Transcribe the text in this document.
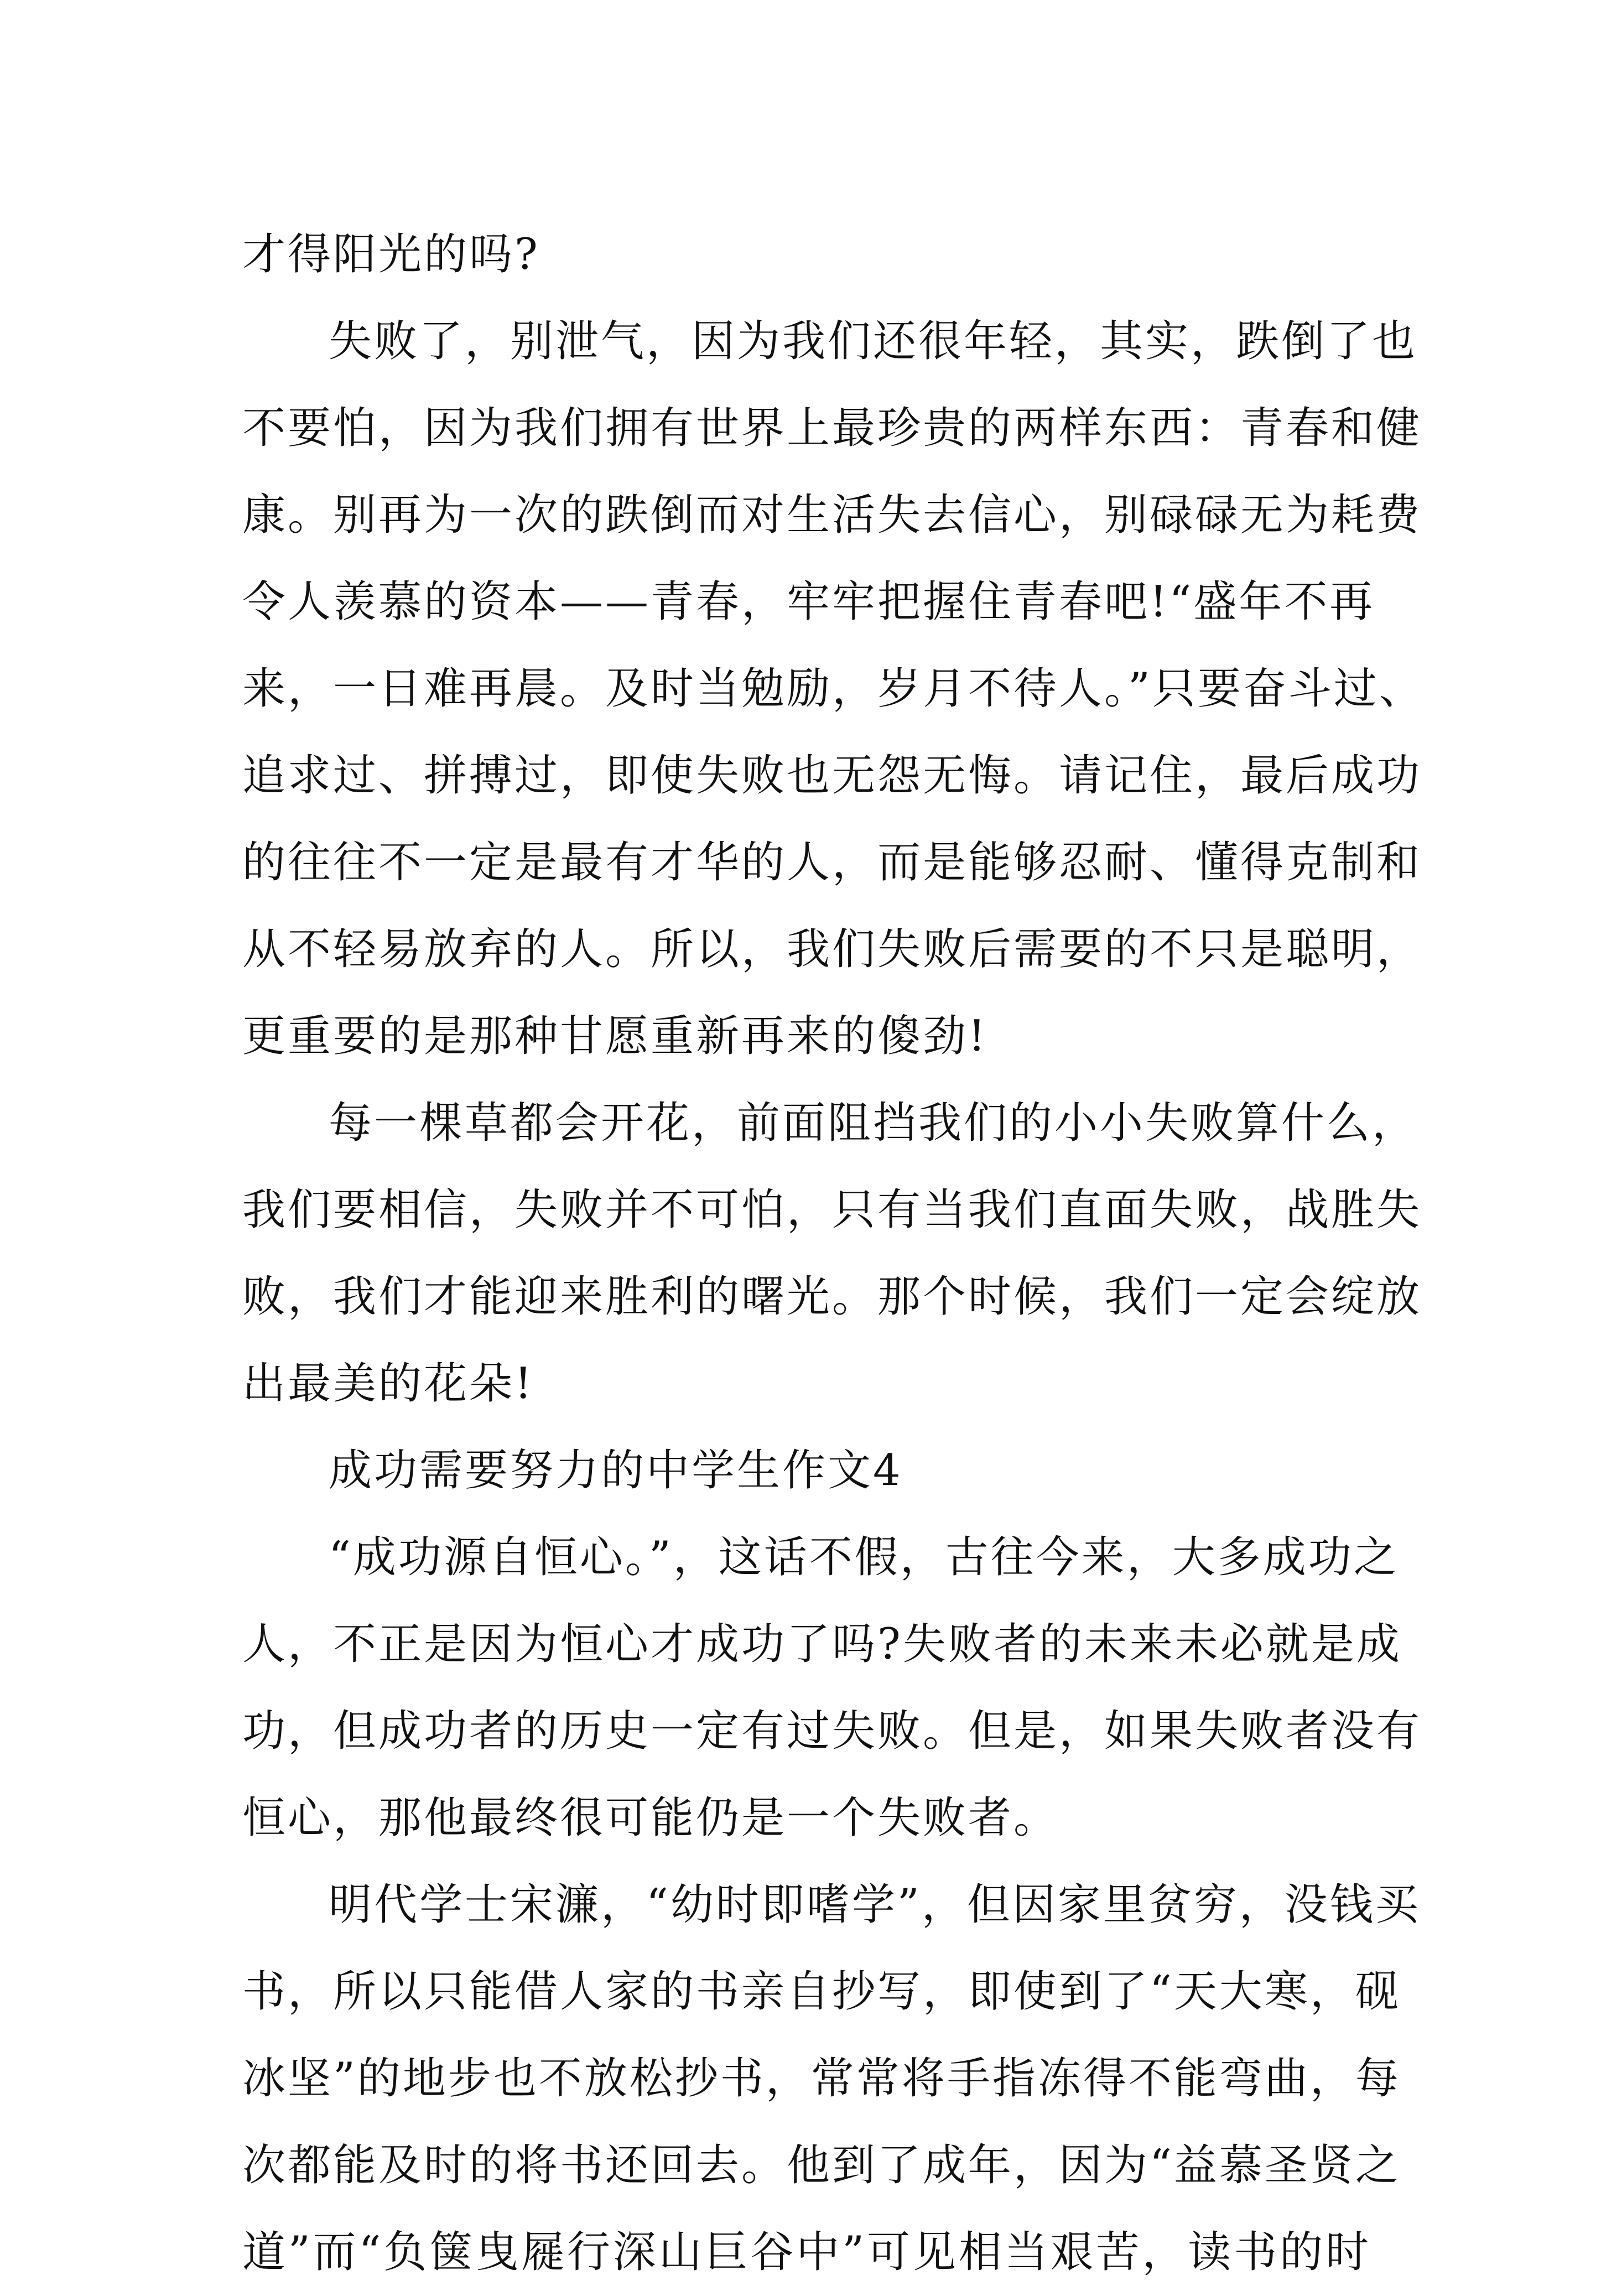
才得阳光的吗?
失败了，别泄气，因为我们还很年轻，其实，跌倒了也
不要怕，因为我们拥有世界上最珍贵的两样东西：青春和健
康。别再为一次的跌倒而对生活失去信心，别碌碌无为耗费
令人羡慕的资本——青春，牢牢把握住青春吧!“盛年不再
来，一日难再晨。及时当勉励，岁月不待人。”只要奋斗过、
追求过、拼搏过，即使失败也无怨无悔。请记住，最后成功
的往往不一定是最有才华的人，而是能够忍耐、懂得克制和
从不轻易放弃的人。所以，我们失败后需要的不只是聪明，
更重要的是那种甘愿重新再来的傻劲!
每一棵草都会开花，前面阻挡我们的小小失败算什么，
我们要相信，失败并不可怕，只有当我们直面失败，战胜失
败，我们才能迎来胜利的曙光。那个时候，我们一定会绽放
出最美的花朵!
成功需要努力的中学生作文4
“成功源自恒心。”，这话不假，古往今来，大多成功之
人，不正是因为恒心才成功了吗?失败者的未来未必就是成
功，但成功者的历史一定有过失败。但是，如果失败者没有
恒心，那他最终很可能仍是一个失败者。
明代学士宋濂，“幼时即嗜学”，但因家里贫穷，没钱买
书，所以只能借人家的书亲自抄写，即使到了“天大寒，砚
冰坚”的地步也不放松抄书，常常将手指冻得不能弯曲，每
次都能及时的将书还回去。他到了成年，因为“益慕圣贤之
道”而“负箧曳屣行深山巨谷中”可见相当艰苦，读书的时
